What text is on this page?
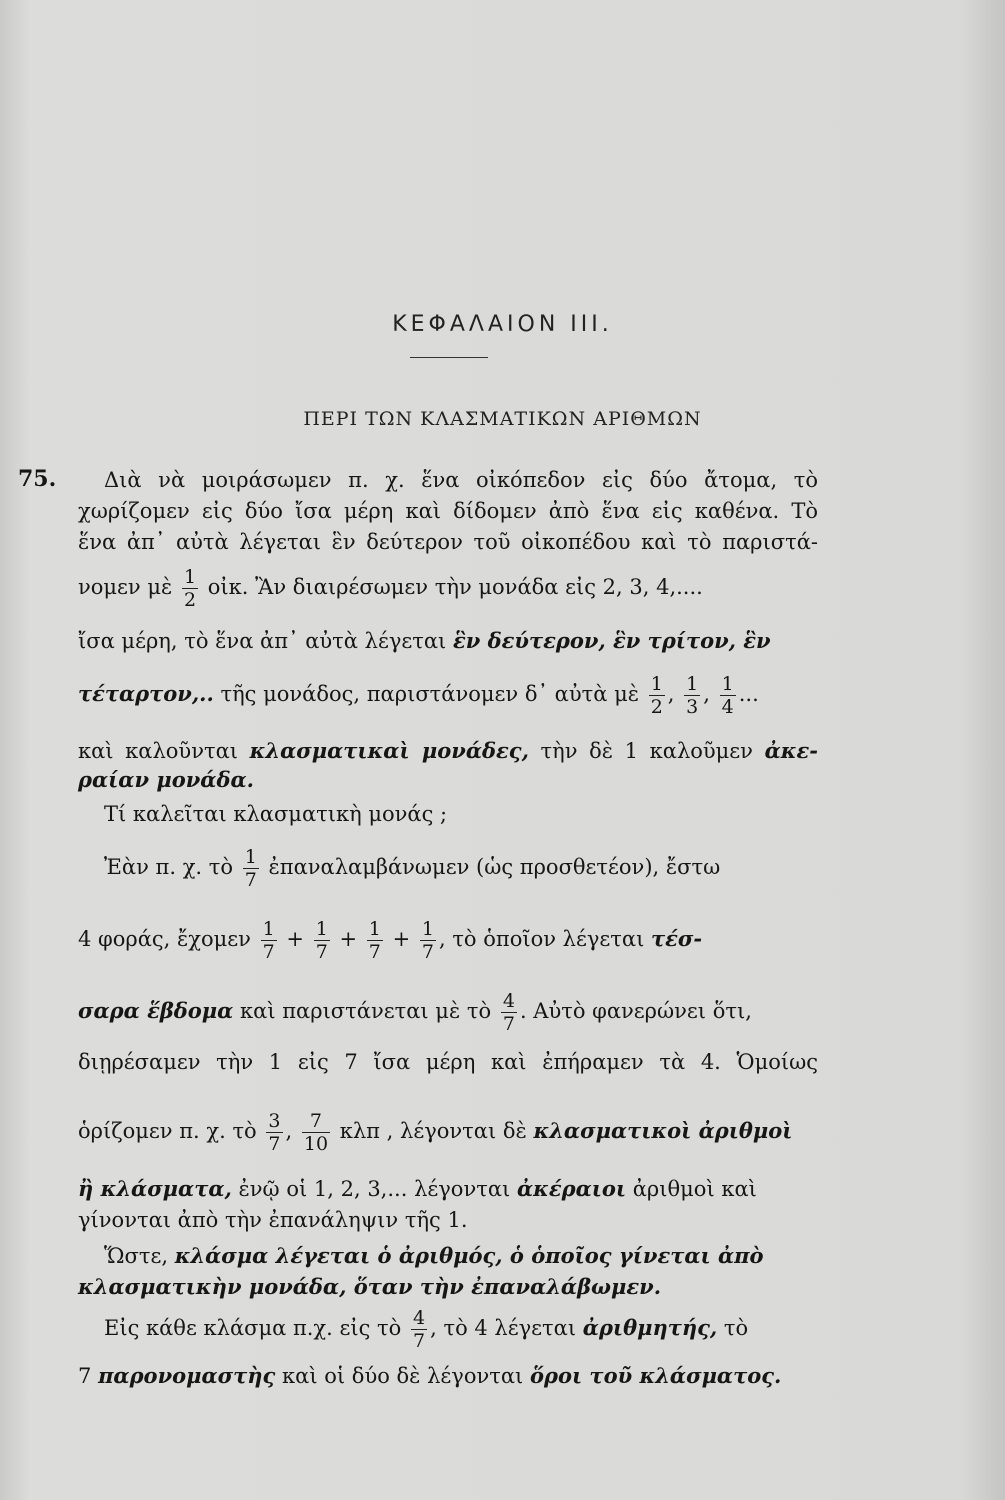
ΚΕΦΑΛΑΙΟΝ III.
ΠΕΡΙ ΤΩΝ ΚΛΑΣΜΑΤΙΚΩΝ ΑΡΙΘΜΩΝ
75. Διὰ νὰ μοιράσωμεν π. χ. ἕνα οἰκόπεδον εἰς δύο ἄτομα, τὸ
χωρίζομεν εἰς δύο ἴσα μέρη καὶ δίδομεν ἀπὸ ἕνα εἰς καθένα. Τὸ
ἕνα ἀπ᾽ αὐτὰ λέγεται ἓν δεύτερον τοῦ οἰκοπέδου καὶ τὸ παριστά-
νομεν μὲ $\frac{1}{2}$ οἰκ. Ἂν διαιρέσωμεν τὴν μονάδα εἰς 2, 3, 4,....
ἴσα μέρη, τὸ ἕνα ἀπ᾽ αὐτὰ λέγεται ἓν δεύτερον, ἓν τρίτον, ἓν
τέταρτον,.. τῆς μονάδος, παριστάνομεν δ᾽ αὐτὰ μὲ $\frac{1}{2}$ , $\frac{1}{3}$ , $\frac{1}{4}$ ...
καὶ καλοῦνται κλασματικαὶ μονάδες, τὴν δὲ 1 καλοῦμεν ἀκε-
ραίαν μονάδα.
Τί καλεῖται κλασματικὴ μονάς ;
Ἐὰν π. χ. τὸ $\frac{1}{7}$ ἐπαναλαμβάνωμεν (ὡς προσθετέον), ἔστω
4 φοράς, ἔχομεν $\frac{1}{7} + \frac{1}{7} + \frac{1}{7} + \frac{1}{7}$ , τὸ ὁποῖον λέγεται τέσ-
σαρα ἕβδομα καὶ παριστάνεται μὲ τὸ $\frac{4}{7}$ . Αὐτὸ φανερώνει ὅτι,
διῃρέσαμεν τὴν 1 εἰς 7 ἴσα μέρη καὶ ἐπήραμεν τὰ 4. Ὁμοίως
ὁρίζομεν π. χ. τὸ $\frac{3}{7}$ , $\frac{7}{10}$ κλπ , λέγονται δὲ κλασματικοὶ ἀριθμοὶ
ἢ κλάσματα, ἐνῷ οἱ 1, 2, 3,... λέγονται ἀκέραιοι ἀριθμοὶ καὶ
γίνονται ἀπὸ τὴν ἐπανάληψιν τῆς 1.
Ὥστε, κλάσμα λέγεται ὁ ἀριθμός, ὁ ὁποῖος γίνεται ἀπὸ
κλασματικὴν μονάδα, ὅταν τὴν ἐπαναλάβωμεν.
Εἰς κάθε κλάσμα π.χ. εἰς τὸ $\frac{4}{7}$ , τὸ 4 λέγεται ἀριθμητής, τὸ
7 παρονομαστὴς καὶ οἱ δύο δὲ λέγονται ὅροι τοῦ κλάσματος.
